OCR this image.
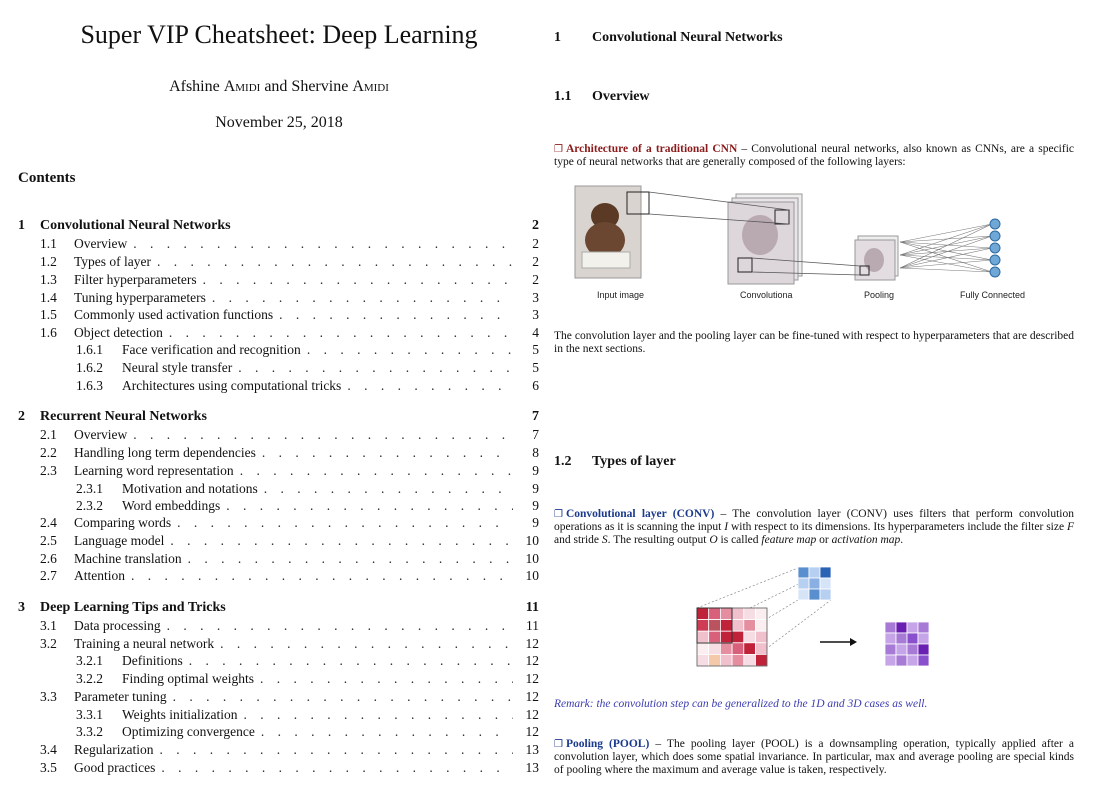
Super VIP Cheatsheet: Deep Learning
Afshine Amidi and Shervine Amidi
November 25, 2018
Contents
1	Convolutional Neural Networks	2
1.1	Overview . . .	2
1.2	Types of layer . . .	2
1.3	Filter hyperparameters . . .	2
1.4	Tuning hyperparameters . . .	3
1.5	Commonly used activation functions . . .	3
1.6	Object detection . . .	4
1.6.1	Face verification and recognition . . .	5
1.6.2	Neural style transfer . . .	5
1.6.3	Architectures using computational tricks . . .	6
2	Recurrent Neural Networks	7
2.1	Overview . . .	7
2.2	Handling long term dependencies . . .	8
2.3	Learning word representation . . .	9
2.3.1	Motivation and notations . . .	9
2.3.2	Word embeddings . . .	9
2.4	Comparing words . . .	9
2.5	Language model . . .	10
2.6	Machine translation . . .	10
2.7	Attention . . .	10
3	Deep Learning Tips and Tricks	11
3.1	Data processing . . .	11
3.2	Training a neural network . . .	12
3.2.1	Definitions . . .	12
3.2.2	Finding optimal weights . . .	12
3.3	Parameter tuning . . .	12
3.3.1	Weights initialization . . .	12
3.3.2	Optimizing convergence . . .	12
3.4	Regularization . . .	13
3.5	Good practices . . .	13
1 Convolutional Neural Networks
1.1 Overview
❐ Architecture of a traditional CNN – Convolutional neural networks, also known as CNNs, are a specific type of neural networks that are generally composed of the following layers:
Input image	Convolutiona	Pooling	Fully Connected
The convolution layer and the pooling layer can be fine-tuned with respect to hyperparameters that are described in the next sections.
1.2 Types of layer
❐ Convolutional layer (CONV) – The convolution layer (CONV) uses filters that perform convolution operations as it is scanning the input I with respect to its dimensions. Its hyperparameters include the filter size F and stride S. The resulting output O is called feature map or activation map.
Remark: the convolution step can be generalized to the 1D and 3D cases as well.
❐ Pooling (POOL) – The pooling layer (POOL) is a downsampling operation, typically applied after a convolution layer, which does some spatial invariance. In particular, max and average pooling are special kinds of pooling where the maximum and average value is taken, respectively.
